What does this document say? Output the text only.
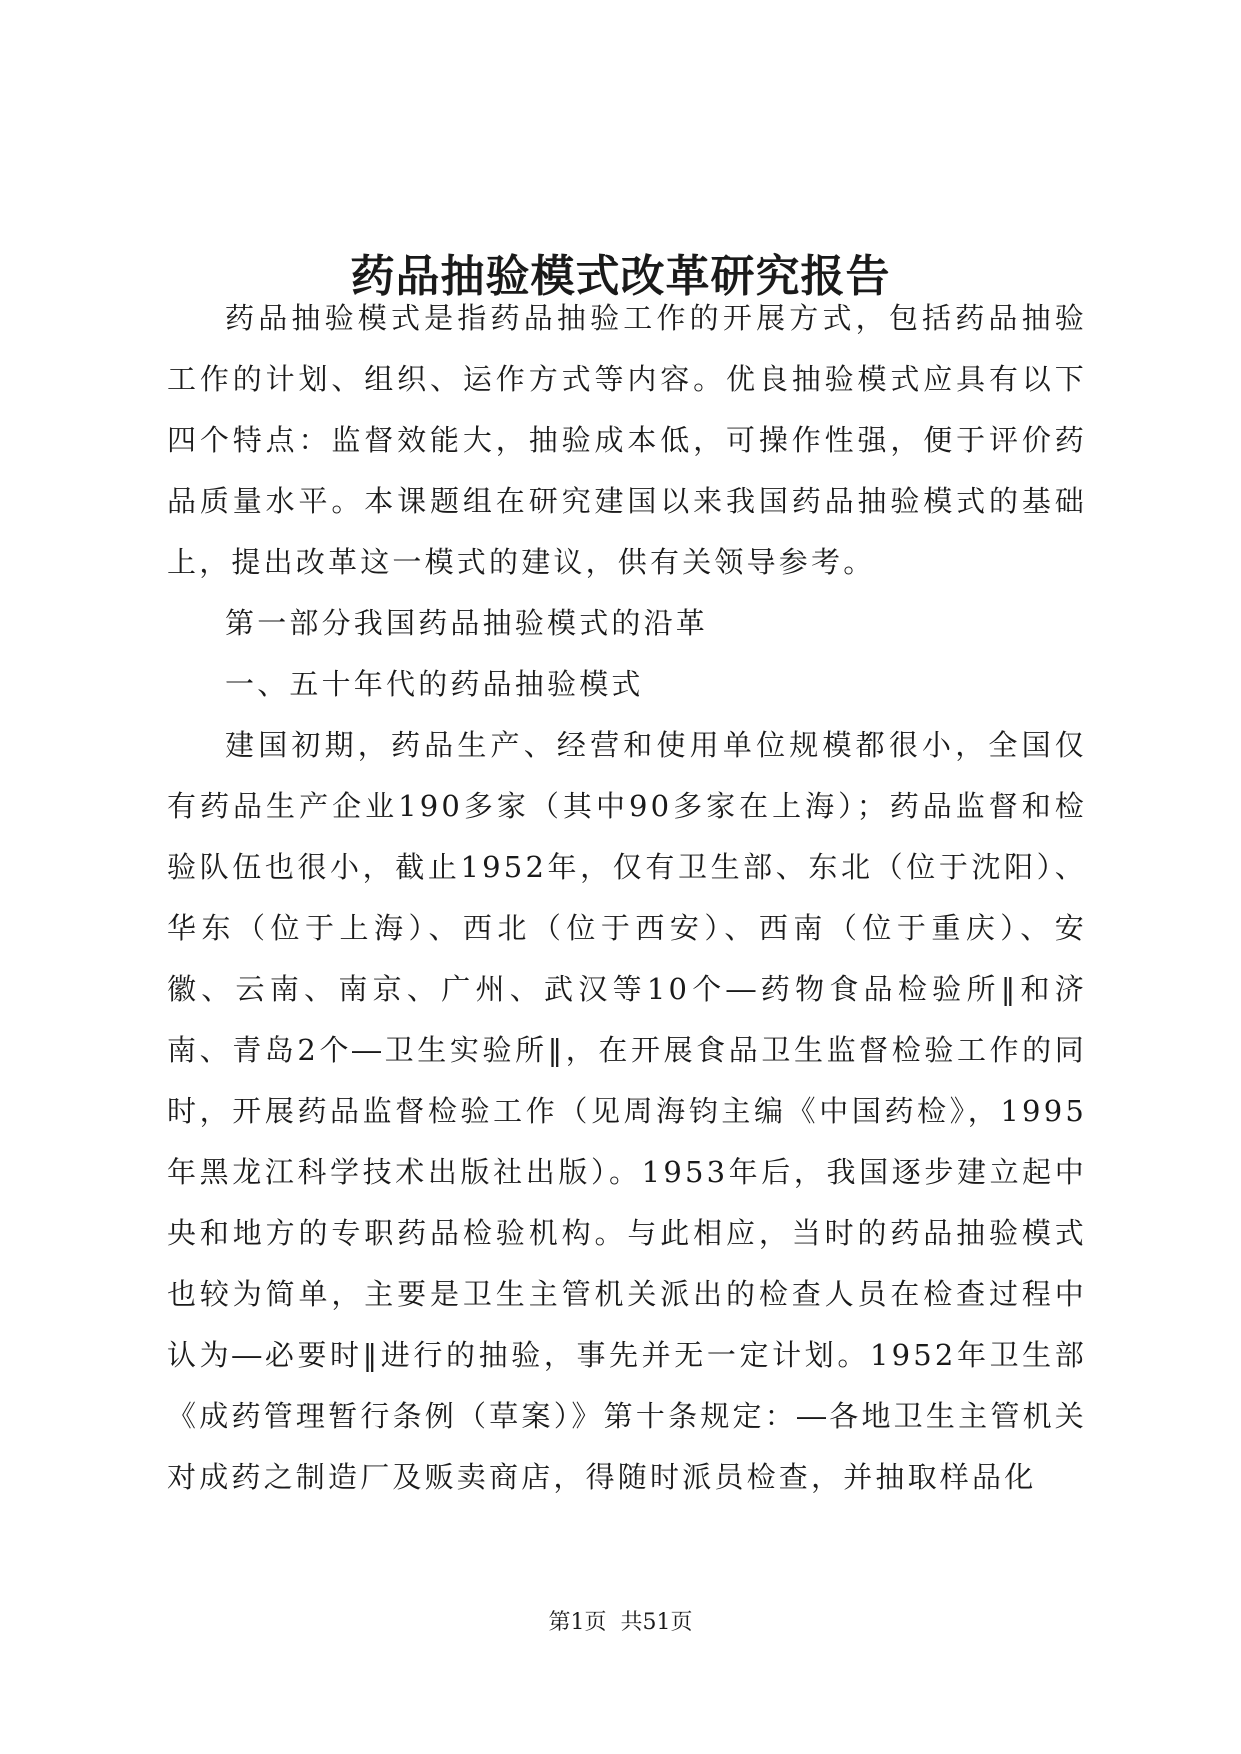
药品抽验模式改革研究报告

药品抽验模式是指药品抽验工作的开展方式，包括药品抽验工作的计划、组织、运作方式等内容。优良抽验模式应具有以下四个特点：监督效能大，抽验成本低，可操作性强，便于评价药品质量水平。本课题组在研究建国以来我国药品抽验模式的基础上，提出改革这一模式的建议，供有关领导参考。

第一部分我国药品抽验模式的沿革

一、五十年代的药品抽验模式

建国初期，药品生产、经营和使用单位规模都很小，全国仅有药品生产企业190多家（其中90多家在上海）；药品监督和检验队伍也很小，截止1952年，仅有卫生部、东北（位于沈阳）、华东（位于上海）、西北（位于西安）、西南（位于重庆）、安徽、云南、南京、广州、武汉等10个―药物食品检验所‖和济南、青岛2个―卫生实验所‖，在开展食品卫生监督检验工作的同时，开展药品监督检验工作（见周海钧主编《中国药检》，1995年黑龙江科学技术出版社出版）。1953年后，我国逐步建立起中央和地方的专职药品检验机构。与此相应，当时的药品抽验模式也较为简单，主要是卫生主管机关派出的检查人员在检查过程中认为―必要时‖进行的抽验，事先并无一定计划。1952年卫生部《成药管理暂行条例（草案）》第十条规定：―各地卫生主管机关对成药之制造厂及贩卖商店，得随时派员检查，并抽取样品化

第1页  共51页
